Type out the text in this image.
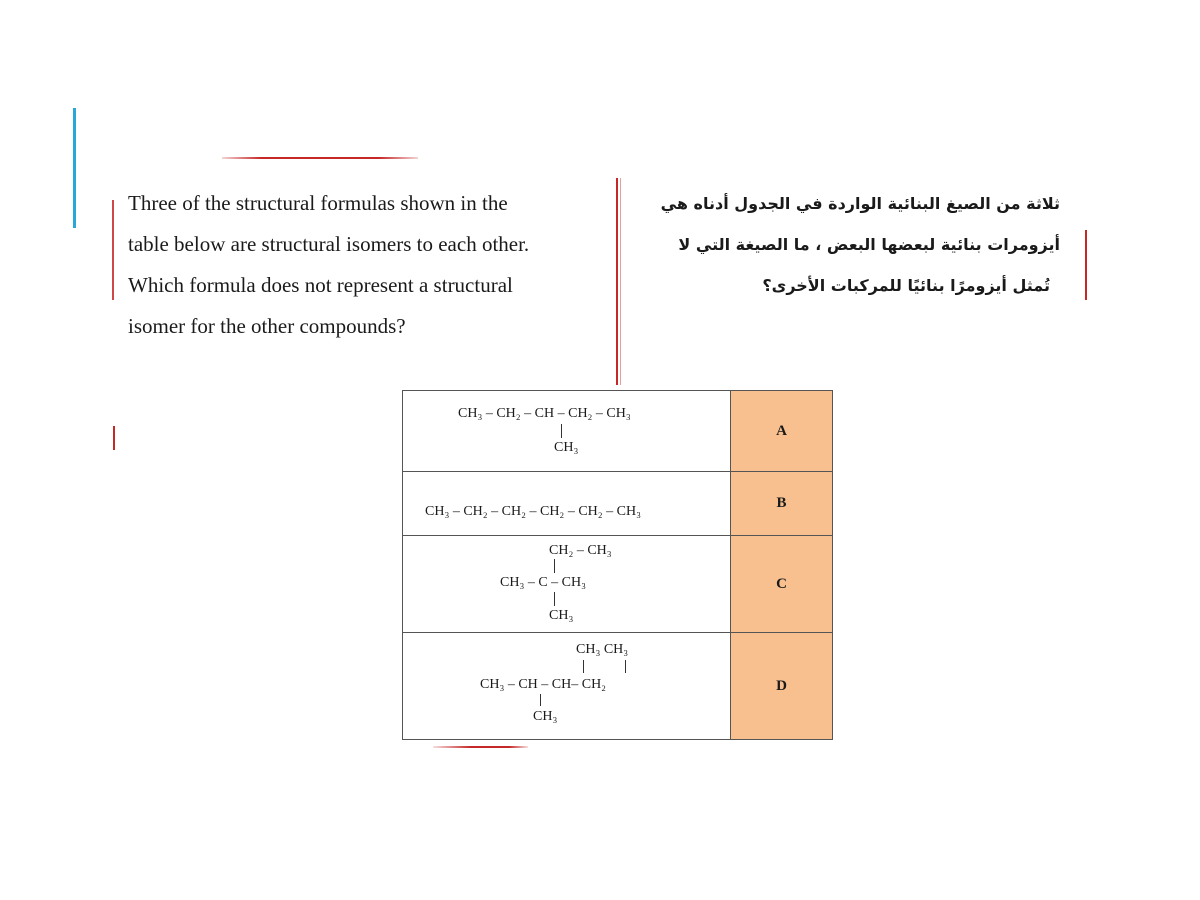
Three of the structural formulas shown in the
table below are structural isomers to each other.
Which formula does not represent a structural
isomer for the other compounds?
ثلاثة من الصيغ البنائية الواردة في الجدول أدناه هي
أيزومرات بنائية لبعضها البعض ، ما الصيغة التي لا
تُمثل أيزومرًا بنائيًا للمركبات الأخرى؟
CH₃ – CH₂ – CH – CH₂ – CH₃
CH₃	A

CH₃ – CH₂ – CH₂ – CH₂ – CH₂ – CH₃	B

CH₂ – CH₃
CH₃ – C – CH₃
CH₃	C

CH₃ CH₃
CH₃ – CH – CH– CH₂
CH₃	D
